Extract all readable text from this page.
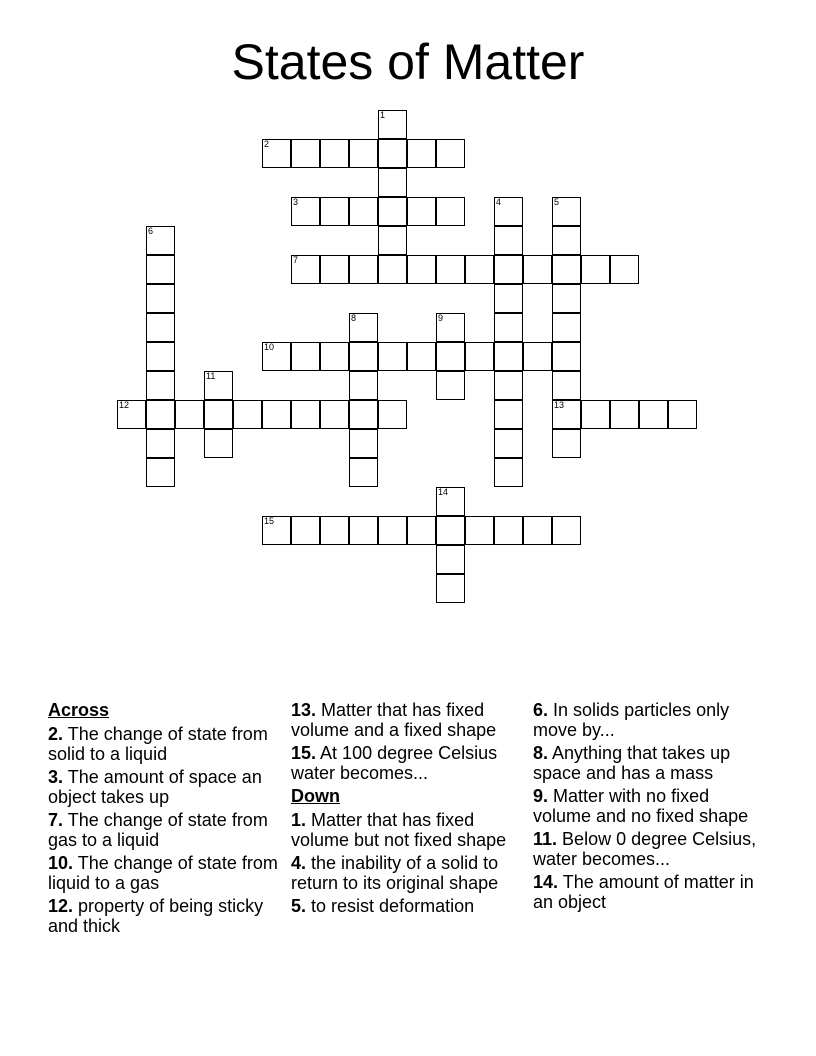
States of Matter
1
2
3	4	5
6
7
8	9
10
11
12	13
14
15
Across
2. The change of state from solid to a liquid
3. The amount of space an object takes up
7. The change of state from gas to a liquid
10. The change of state from liquid to a gas
12. property of being sticky and thick
13. Matter that has fixed volume and a fixed shape
15. At 100 degree Celsius water becomes...
Down
1. Matter that has fixed volume but not fixed shape
4. the inability of a solid to return to its original shape
5. to resist deformation
6. In solids particles only move by...
8. Anything that takes up space and has a mass
9. Matter with no fixed volume and no fixed shape
11. Below 0 degree Celsius, water becomes...
14. The amount of matter in an object
